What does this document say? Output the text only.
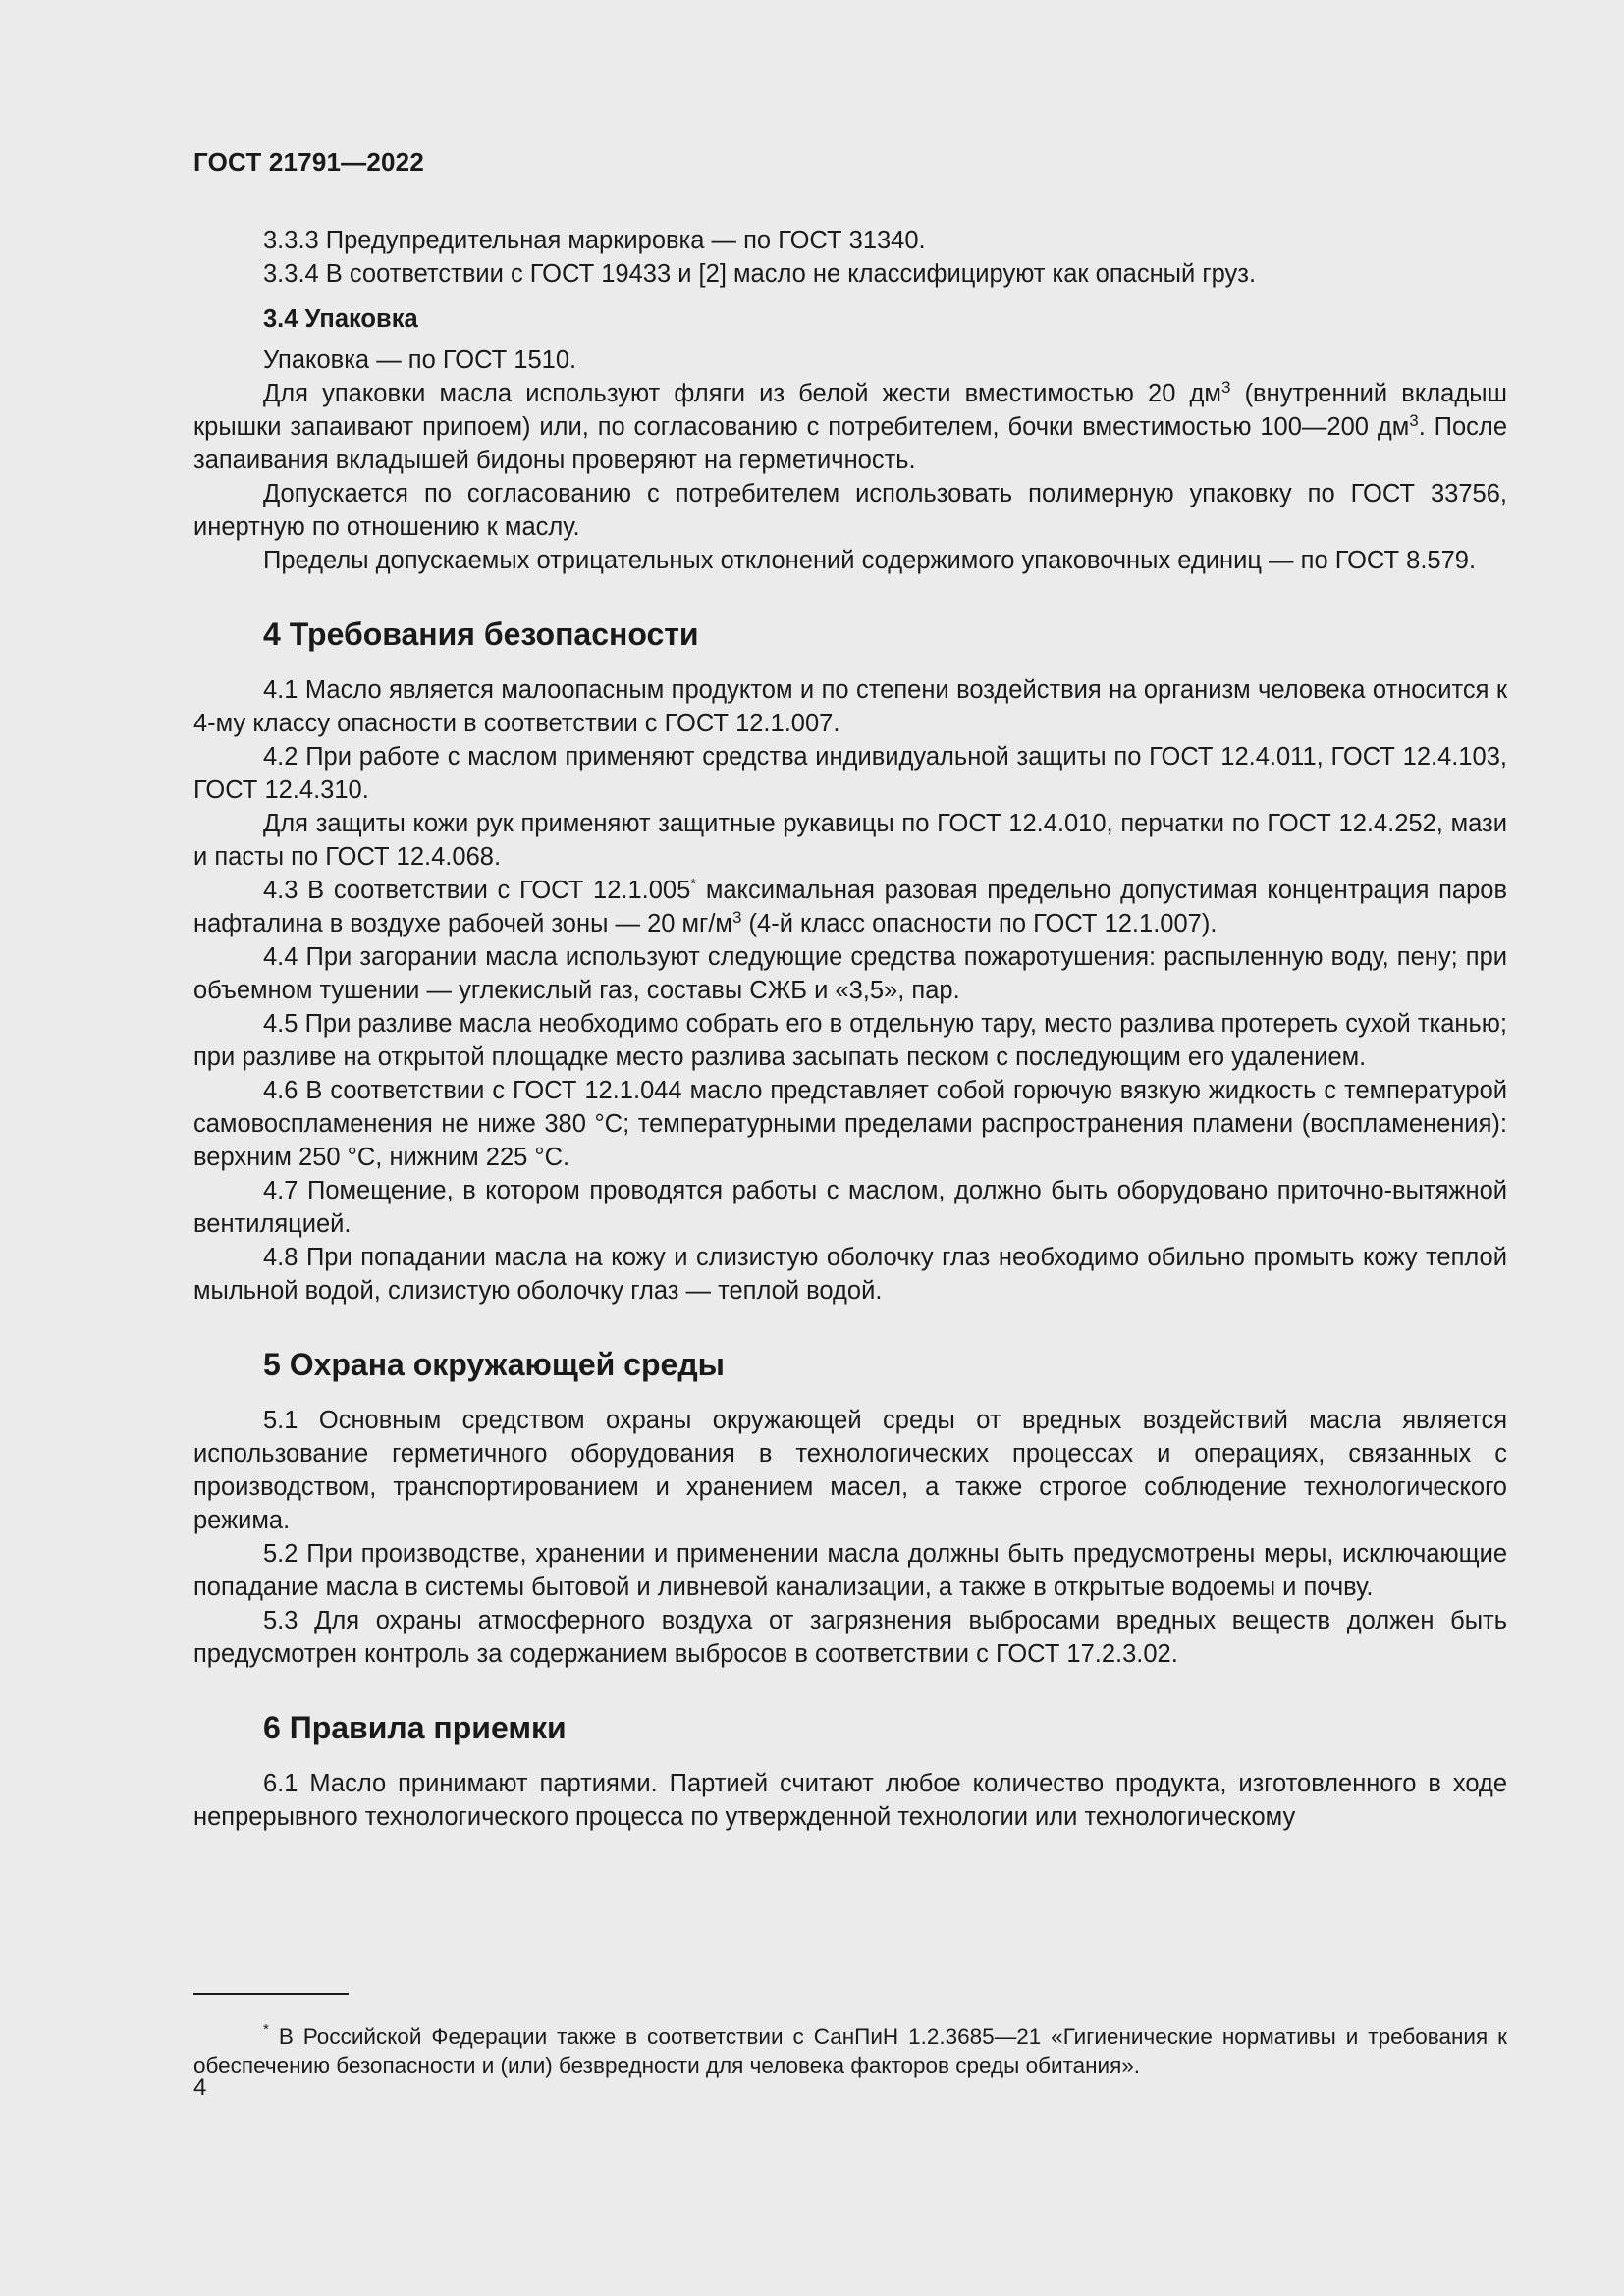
ГОСТ 21791—2022

3.3.3 Предупредительная маркировка — по ГОСТ 31340.

3.3.4 В соответствии с ГОСТ 19433 и [2] масло не классифицируют как опасный груз.

3.4 Упаковка

Упаковка — по ГОСТ 1510.

Для упаковки масла используют фляги из белой жести вместимостью 20 $дм^3$ (внутренний вкладыш крышки запаивают припоем) или, по согласованию с потребителем, бочки вместимостью 100—200 $дм^3$. После запаивания вкладышей бидоны проверяют на герметичность.

Допускается по согласованию с потребителем использовать полимерную упаковку по ГОСТ 33756, инертную по отношению к маслу.

Пределы допускаемых отрицательных отклонений содержимого упаковочных единиц — по ГОСТ 8.579.

4 Требования безопасности

4.1 Масло является малоопасным продуктом и по степени воздействия на организм человека относится к 4-му классу опасности в соответствии с ГОСТ 12.1.007.

4.2 При работе с маслом применяют средства индивидуальной защиты по ГОСТ 12.4.011, ГОСТ 12.4.103, ГОСТ 12.4.310.

Для защиты кожи рук применяют защитные рукавицы по ГОСТ 12.4.010, перчатки по ГОСТ 12.4.252, мази и пасты по ГОСТ 12.4.068.

4.3 В соответствии с ГОСТ 12.1.005* максимальная разовая предельно допустимая концентрация паров нафталина в воздухе рабочей зоны — 20 $мг/м^3$ (4-й класс опасности по ГОСТ 12.1.007).

4.4 При загорании масла используют следующие средства пожаротушения: распыленную воду, пену; при объемном тушении — углекислый газ, составы СЖБ и «3,5», пар.

4.5 При разливе масла необходимо собрать его в отдельную тару, место разлива протереть сухой тканью; при разливе на открытой площадке место разлива засыпать песком с последующим его удалением.

4.6 В соответствии с ГОСТ 12.1.044 масло представляет собой горючую вязкую жидкость с температурой самовоспламенения не ниже 380 °С; температурными пределами распространения пламени (воспламенения): верхним 250 °С, нижним 225 °С.

4.7 Помещение, в котором проводятся работы с маслом, должно быть оборудовано приточно-вытяжной вентиляцией.

4.8 При попадании масла на кожу и слизистую оболочку глаз необходимо обильно промыть кожу теплой мыльной водой, слизистую оболочку глаз — теплой водой.

5 Охрана окружающей среды

5.1 Основным средством охраны окружающей среды от вредных воздействий масла является использование герметичного оборудования в технологических процессах и операциях, связанных с производством, транспортированием и хранением масел, а также строгое соблюдение технологического режима.

5.2 При производстве, хранении и применении масла должны быть предусмотрены меры, исключающие попадание масла в системы бытовой и ливневой канализации, а также в открытые водоемы и почву.

5.3 Для охраны атмосферного воздуха от загрязнения выбросами вредных веществ должен быть предусмотрен контроль за содержанием выбросов в соответствии с ГОСТ 17.2.3.02.

6 Правила приемки

6.1 Масло принимают партиями. Партией считают любое количество продукта, изготовленного в ходе непрерывного технологического процесса по утвержденной технологии или технологическому

* В Российской Федерации также в соответствии с СанПиН 1.2.3685—21 «Гигиенические нормативы и требования к обеспечению безопасности и (или) безвредности для человека факторов среды обитания».

4
